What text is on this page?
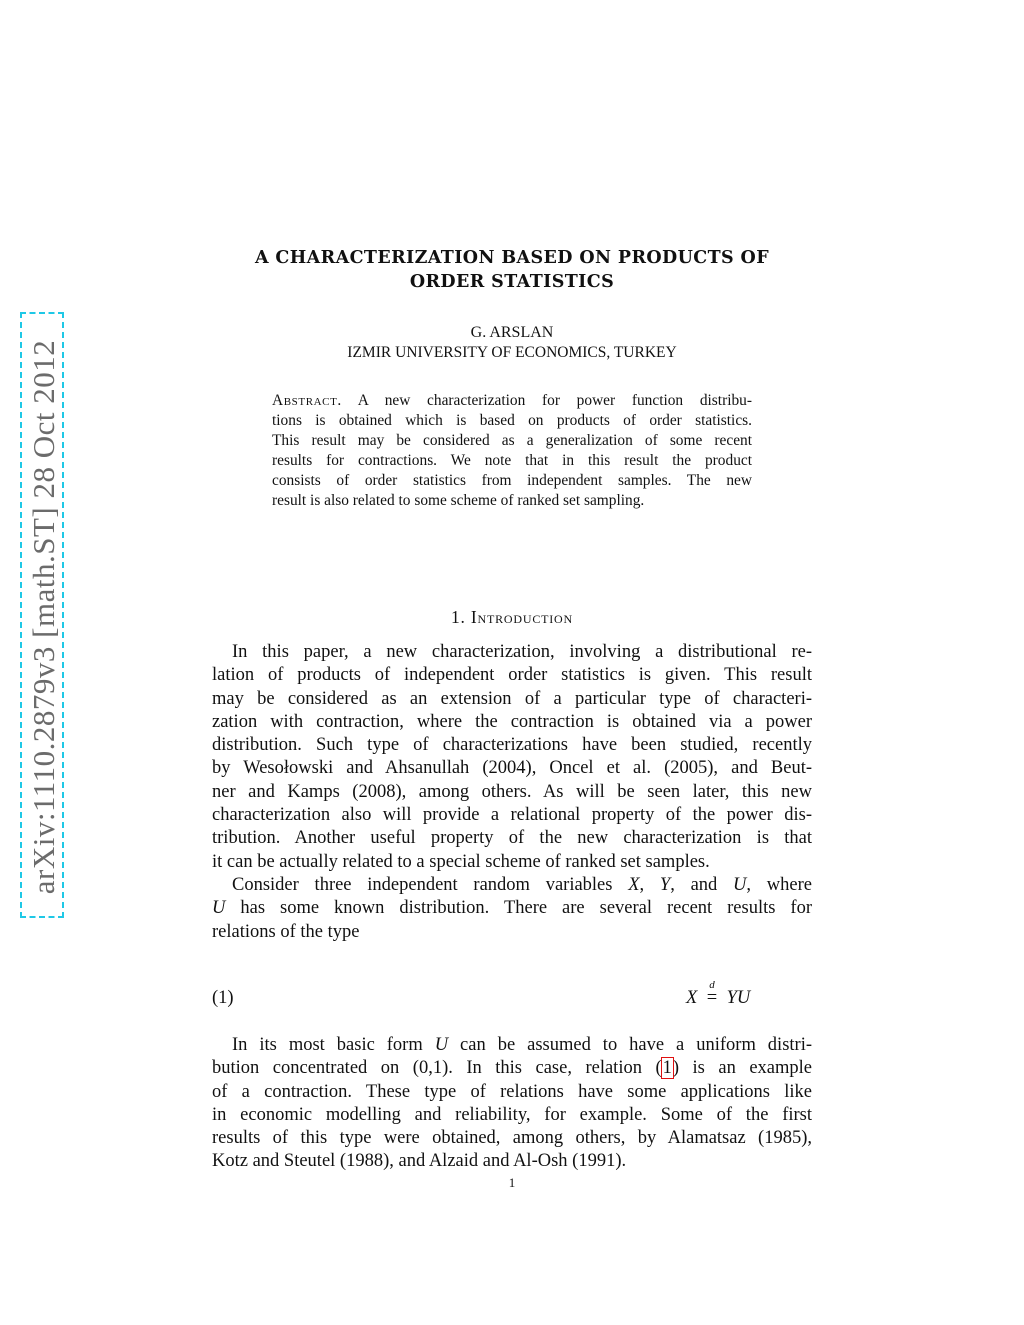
arXiv:1110.2879v3 [math.ST] 28 Oct 2012
A CHARACTERIZATION BASED ON PRODUCTS OF
ORDER STATISTICS
G. ARSLAN
IZMIR UNIVERSITY OF ECONOMICS, TURKEY
Abstract. A new characterization for power function distribu-
tions is obtained which is based on products of order statistics.
This result may be considered as a generalization of some recent
results for contractions. We note that in this result the product
consists of order statistics from independent samples. The new
result is also related to some scheme of ranked set sampling.
1. Introduction
In this paper, a new characterization, involving a distributional re-
lation of products of independent order statistics is given. This result
may be considered as an extension of a particular type of characteri-
zation with contraction, where the contraction is obtained via a power
distribution. Such type of characterizations have been studied, recently
by Wesołowski and Ahsanullah (2004), Oncel et al. (2005), and Beut-
ner and Kamps (2008), among others. As will be seen later, this new
characterization also will provide a relational property of the power dis-
tribution. Another useful property of the new characterization is that
it can be actually related to a special scheme of ranked set samples.
Consider three independent random variables X, Y, and U, where
U has some known distribution. There are several recent results for
relations of the type
(1)	X
d
= YU
In its most basic form U can be assumed to have a uniform distri-
bution concentrated on (0,1). In this case, relation (1) is an example
of a contraction. These type of relations have some applications like
in economic modelling and reliability, for example. Some of the first
results of this type were obtained, among others, by Alamatsaz (1985),
Kotz and Steutel (1988), and Alzaid and Al-Osh (1991).
1
